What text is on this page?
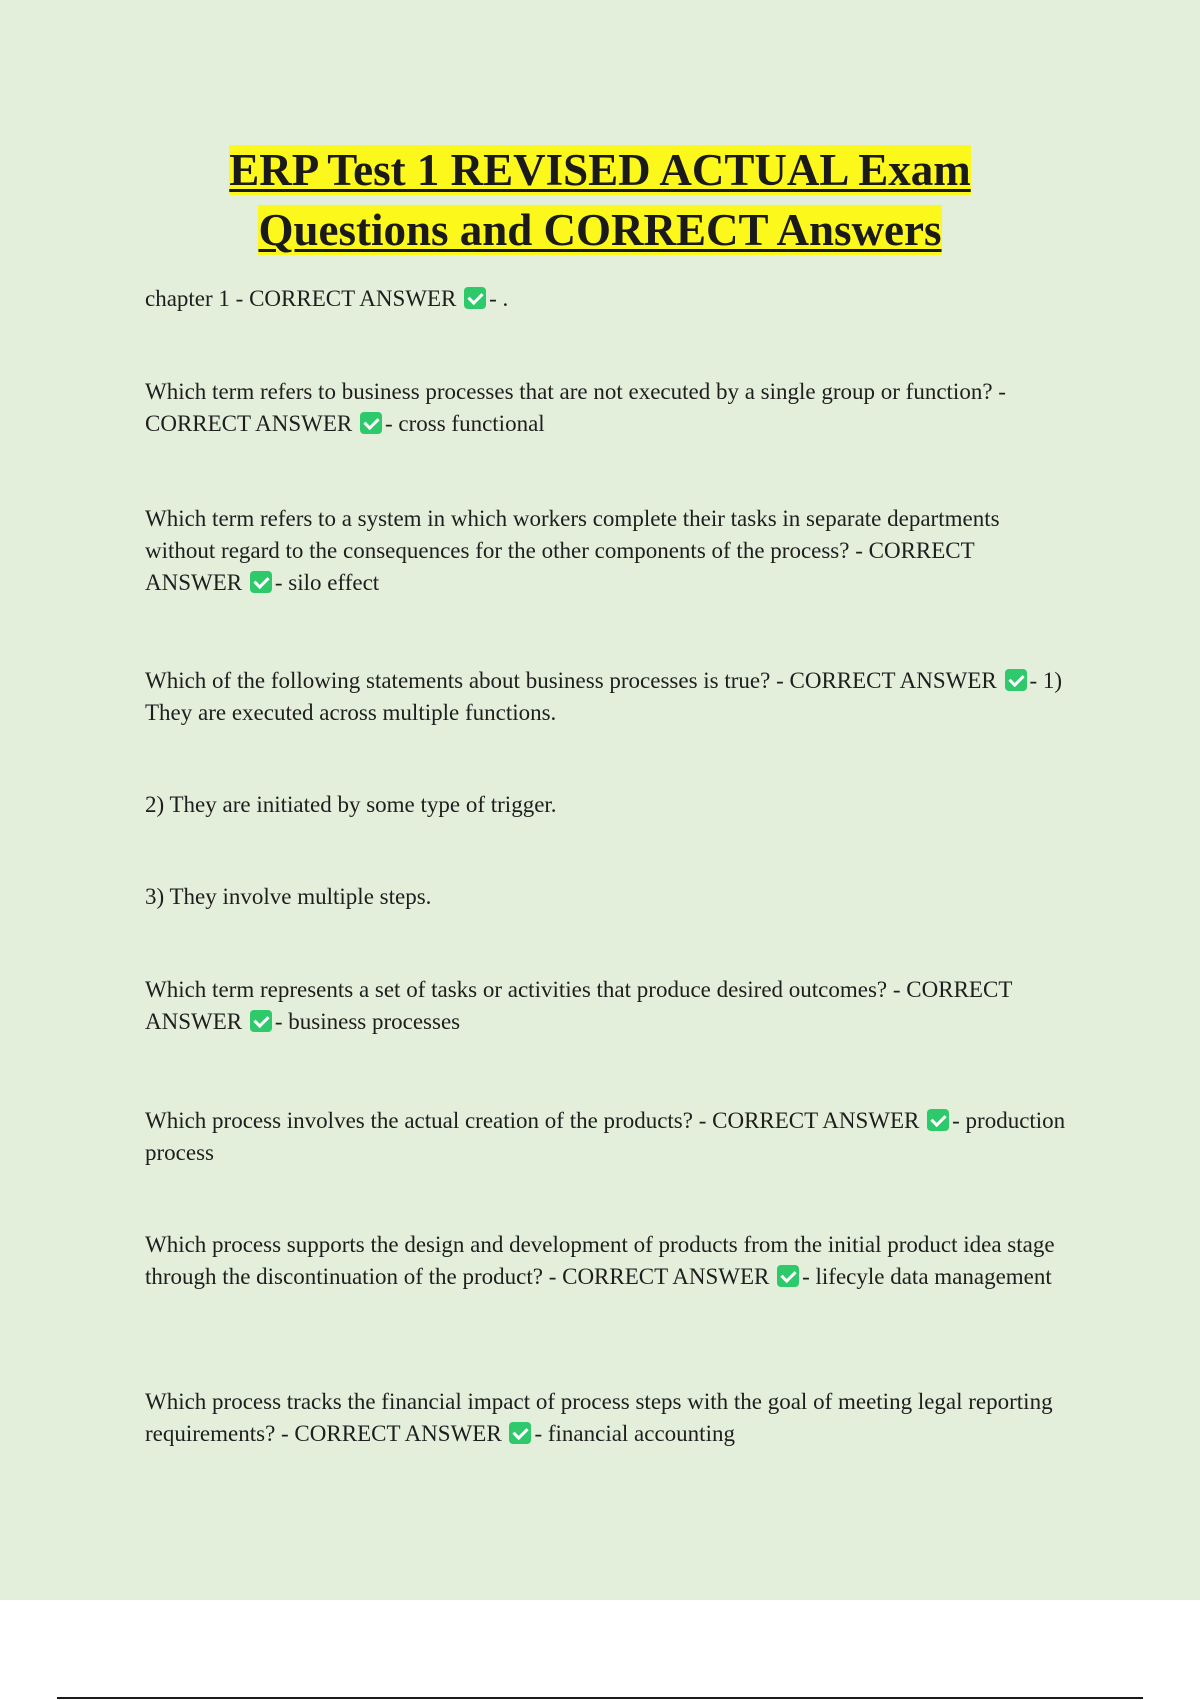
ERP Test 1 REVISED ACTUAL Exam
Questions and CORRECT Answers
chapter 1 - CORRECT ANSWER - .
Which term refers to business processes that are not executed by a single group or function? - CORRECT ANSWER - cross functional
Which term refers to a system in which workers complete their tasks in separate departments without regard to the consequences for the other components of the process? - CORRECT ANSWER - silo effect
Which of the following statements about business processes is true? - CORRECT ANSWER - 1) They are executed across multiple functions.
2) They are initiated by some type of trigger.
3) They involve multiple steps.
Which term represents a set of tasks or activities that produce desired outcomes? - CORRECT ANSWER - business processes
Which process involves the actual creation of the products? - CORRECT ANSWER - production process
Which process supports the design and development of products from the initial product idea stage through the discontinuation of the product? - CORRECT ANSWER - lifecyle data management
Which process tracks the financial impact of process steps with the goal of meeting legal reporting requirements? - CORRECT ANSWER - financial accounting
